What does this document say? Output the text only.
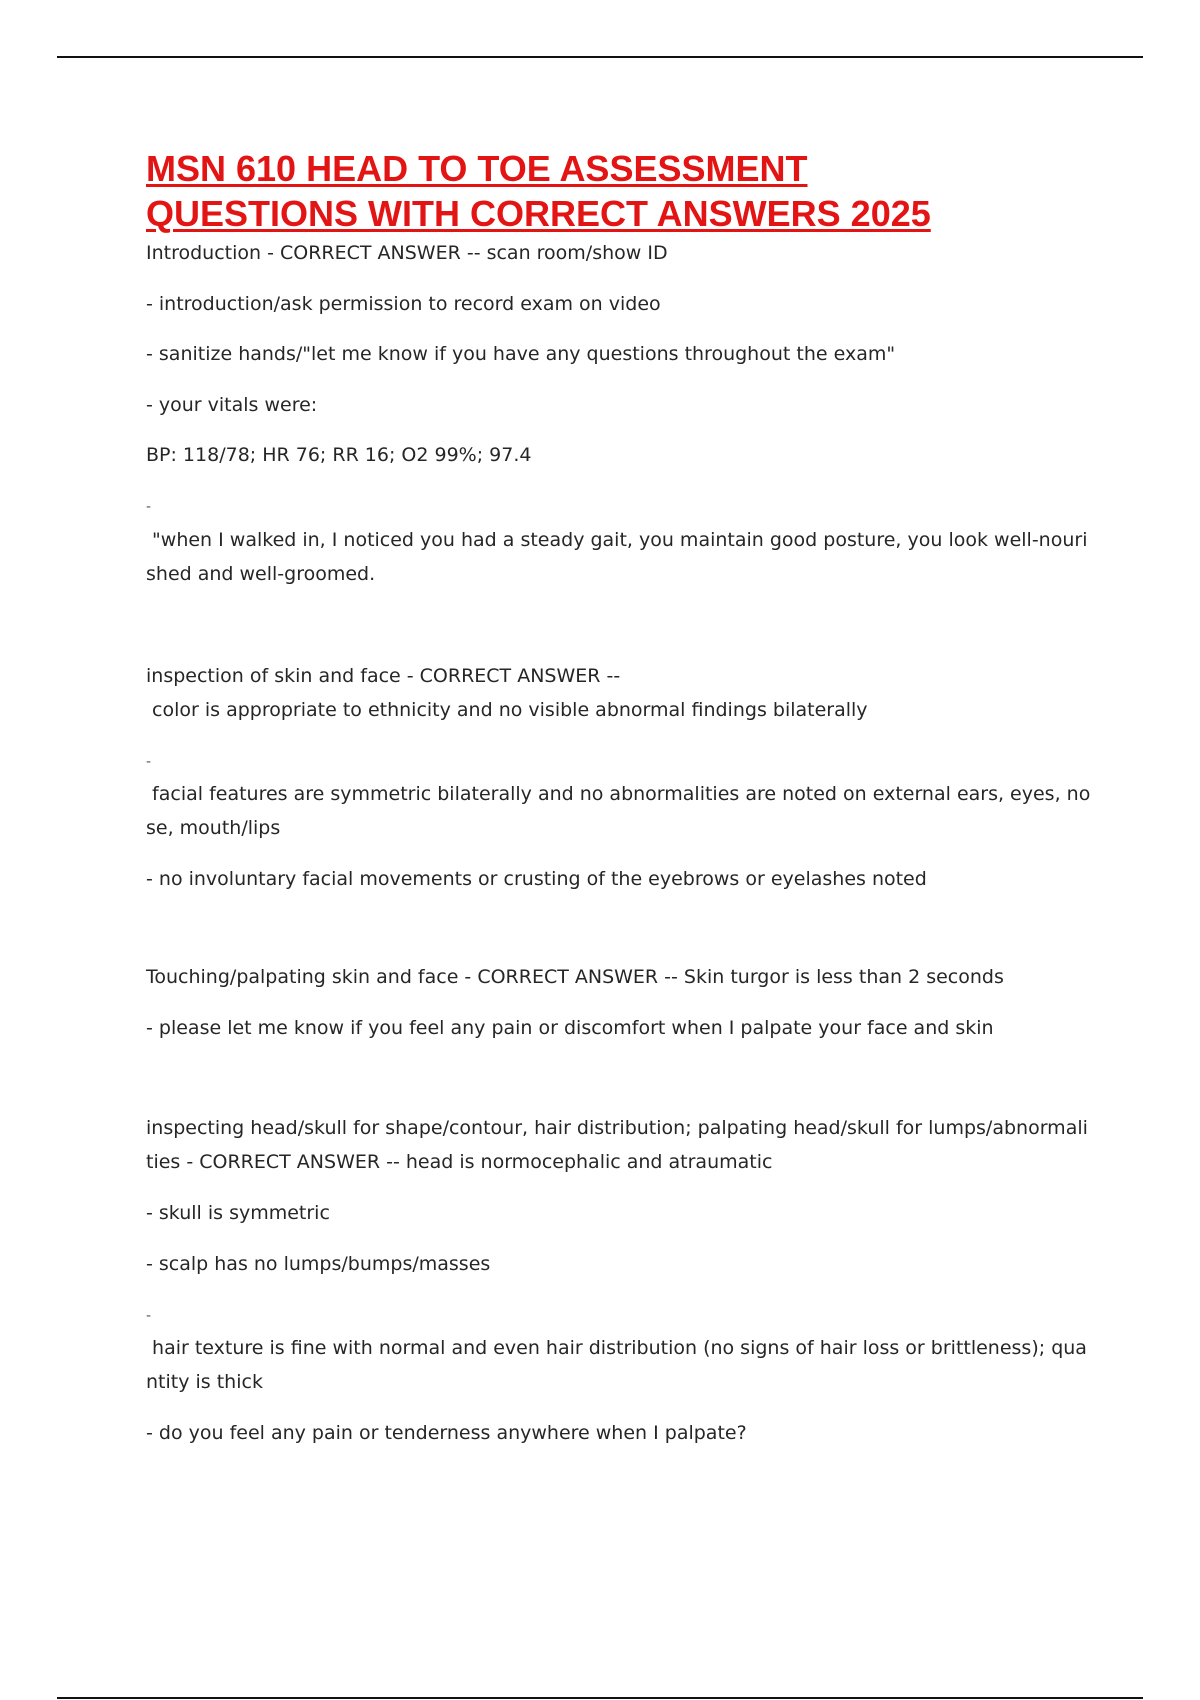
MSN 610 HEAD TO TOE ASSESSMENT

QUESTIONS WITH CORRECT ANSWERS 2025

Introduction - CORRECT ANSWER -- scan room/show ID

- introduction/ask permission to record exam on video

- sanitize hands/"let me know if you have any questions throughout the exam"

- your vitals were:

BP: 118/78; HR 76; RR 16; O2 99%; 97.4

-

"when I walked in, I noticed you had a steady gait, you maintain good posture, you look well-nourished and well-groomed.

inspection of skin and face - CORRECT ANSWER --

color is appropriate to ethnicity and no visible abnormal findings bilaterally

-

facial features are symmetric bilaterally and no abnormalities are noted on external ears, eyes, nose, mouth/lips

- no involuntary facial movements or crusting of the eyebrows or eyelashes noted

Touching/palpating skin and face - CORRECT ANSWER -- Skin turgor is less than 2 seconds

- please let me know if you feel any pain or discomfort when I palpate your face and skin

inspecting head/skull for shape/contour, hair distribution; palpating head/skull for lumps/abnormalities - CORRECT ANSWER -- head is normocephalic and atraumatic

- skull is symmetric

- scalp has no lumps/bumps/masses

-

hair texture is fine with normal and even hair distribution (no signs of hair loss or brittleness); quantity is thick

- do you feel any pain or tenderness anywhere when I palpate?
